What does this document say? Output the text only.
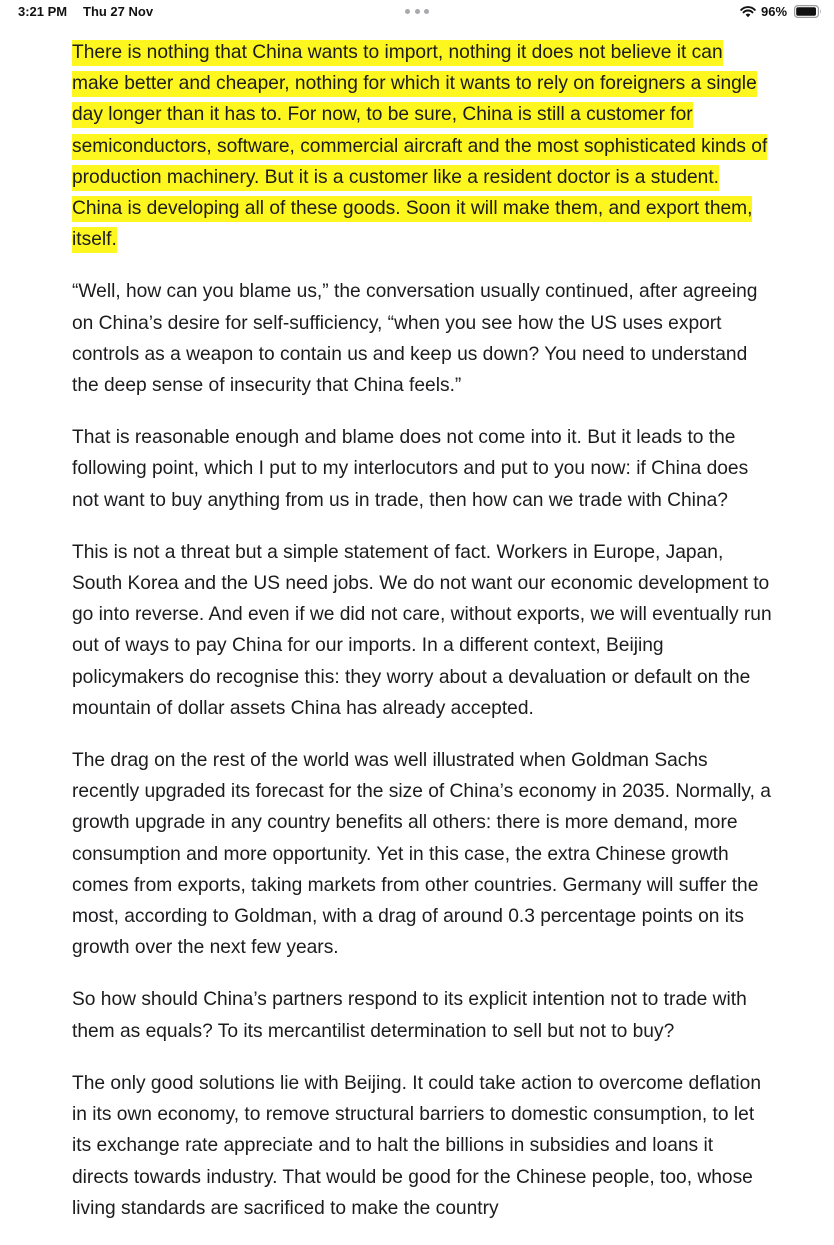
3:21 PM Thu 27 Nov	96%

There is nothing that China wants to import, nothing it does not believe it can make better and cheaper, nothing for which it wants to rely on foreigners a single day longer than it has to. For now, to be sure, China is still a customer for semiconductors, software, commercial aircraft and the most sophisticated kinds of production machinery. But it is a customer like a resident doctor is a student. China is developing all of these goods. Soon it will make them, and export them, itself.

“Well, how can you blame us,” the conversation usually continued, after agreeing on China’s desire for self-sufficiency, “when you see how the US uses export controls as a weapon to contain us and keep us down? You need to understand the deep sense of insecurity that China feels.”

That is reasonable enough and blame does not come into it. But it leads to the following point, which I put to my interlocutors and put to you now: if China does not want to buy anything from us in trade, then how can we trade with China?

This is not a threat but a simple statement of fact. Workers in Europe, Japan, South Korea and the US need jobs. We do not want our economic development to go into reverse. And even if we did not care, without exports, we will eventually run out of ways to pay China for our imports. In a different context, Beijing policymakers do recognise this: they worry about a devaluation or default on the mountain of dollar assets China has already accepted.

The drag on the rest of the world was well illustrated when Goldman Sachs recently upgraded its forecast for the size of China’s economy in 2035. Normally, a growth upgrade in any country benefits all others: there is more demand, more consumption and more opportunity. Yet in this case, the extra Chinese growth comes from exports, taking markets from other countries. Germany will suffer the most, according to Goldman, with a drag of around 0.3 percentage points on its growth over the next few years.

So how should China’s partners respond to its explicit intention not to trade with them as equals? To its mercantilist determination to sell but not to buy?

The only good solutions lie with Beijing. It could take action to overcome deflation in its own economy, to remove structural barriers to domestic consumption, to let its exchange rate appreciate and to halt the billions in subsidies and loans it directs towards industry. That would be good for the Chinese people, too, whose living standards are sacrificed to make the country
